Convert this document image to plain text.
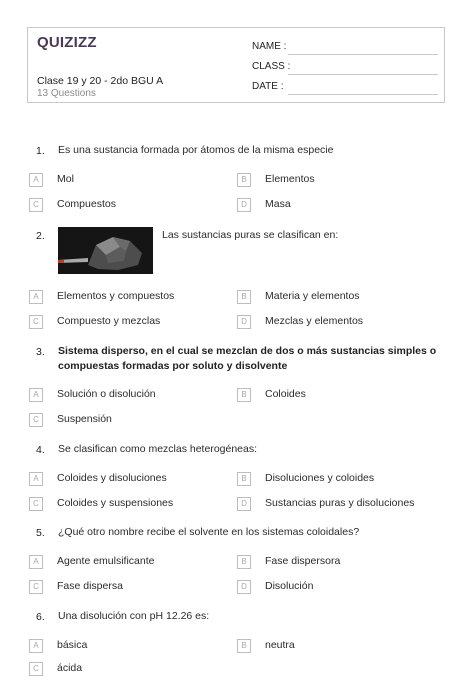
QUIZIZZ
Clase 19 y 20 - 2do BGU A
13 Questions
NAME :
CLASS :
DATE :
1. Es una sustancia formada por átomos de la misma especie
A	Mol	B	Elementos
C	Compuestos	D	Masa
2.	Las sustancias puras se clasifican en:
A	Elementos y compuestos	B	Materia y elementos
C	Compuesto y mezclas	D	Mezclas y elementos
3. Sistema disperso, en el cual se mezclan de dos o más sustancias simples o
compuestas formadas por soluto y disolvente
A	Solución o disolución	B	Coloides
C	Suspensión
4. Se clasifican como mezclas heterogéneas:
A	Coloides y disoluciones	B	Disoluciones y coloides
C	Coloides y suspensiones	D	Sustancias puras y disoluciones
5. ¿Qué otro nombre recibe el solvente en los sistemas coloidales?
A	Agente emulsificante	B	Fase dispersora
C	Fase dispersa	D	Disolución
6. Una disolución con pH 12.26 es:
A	básica	B	neutra
C	ácida
